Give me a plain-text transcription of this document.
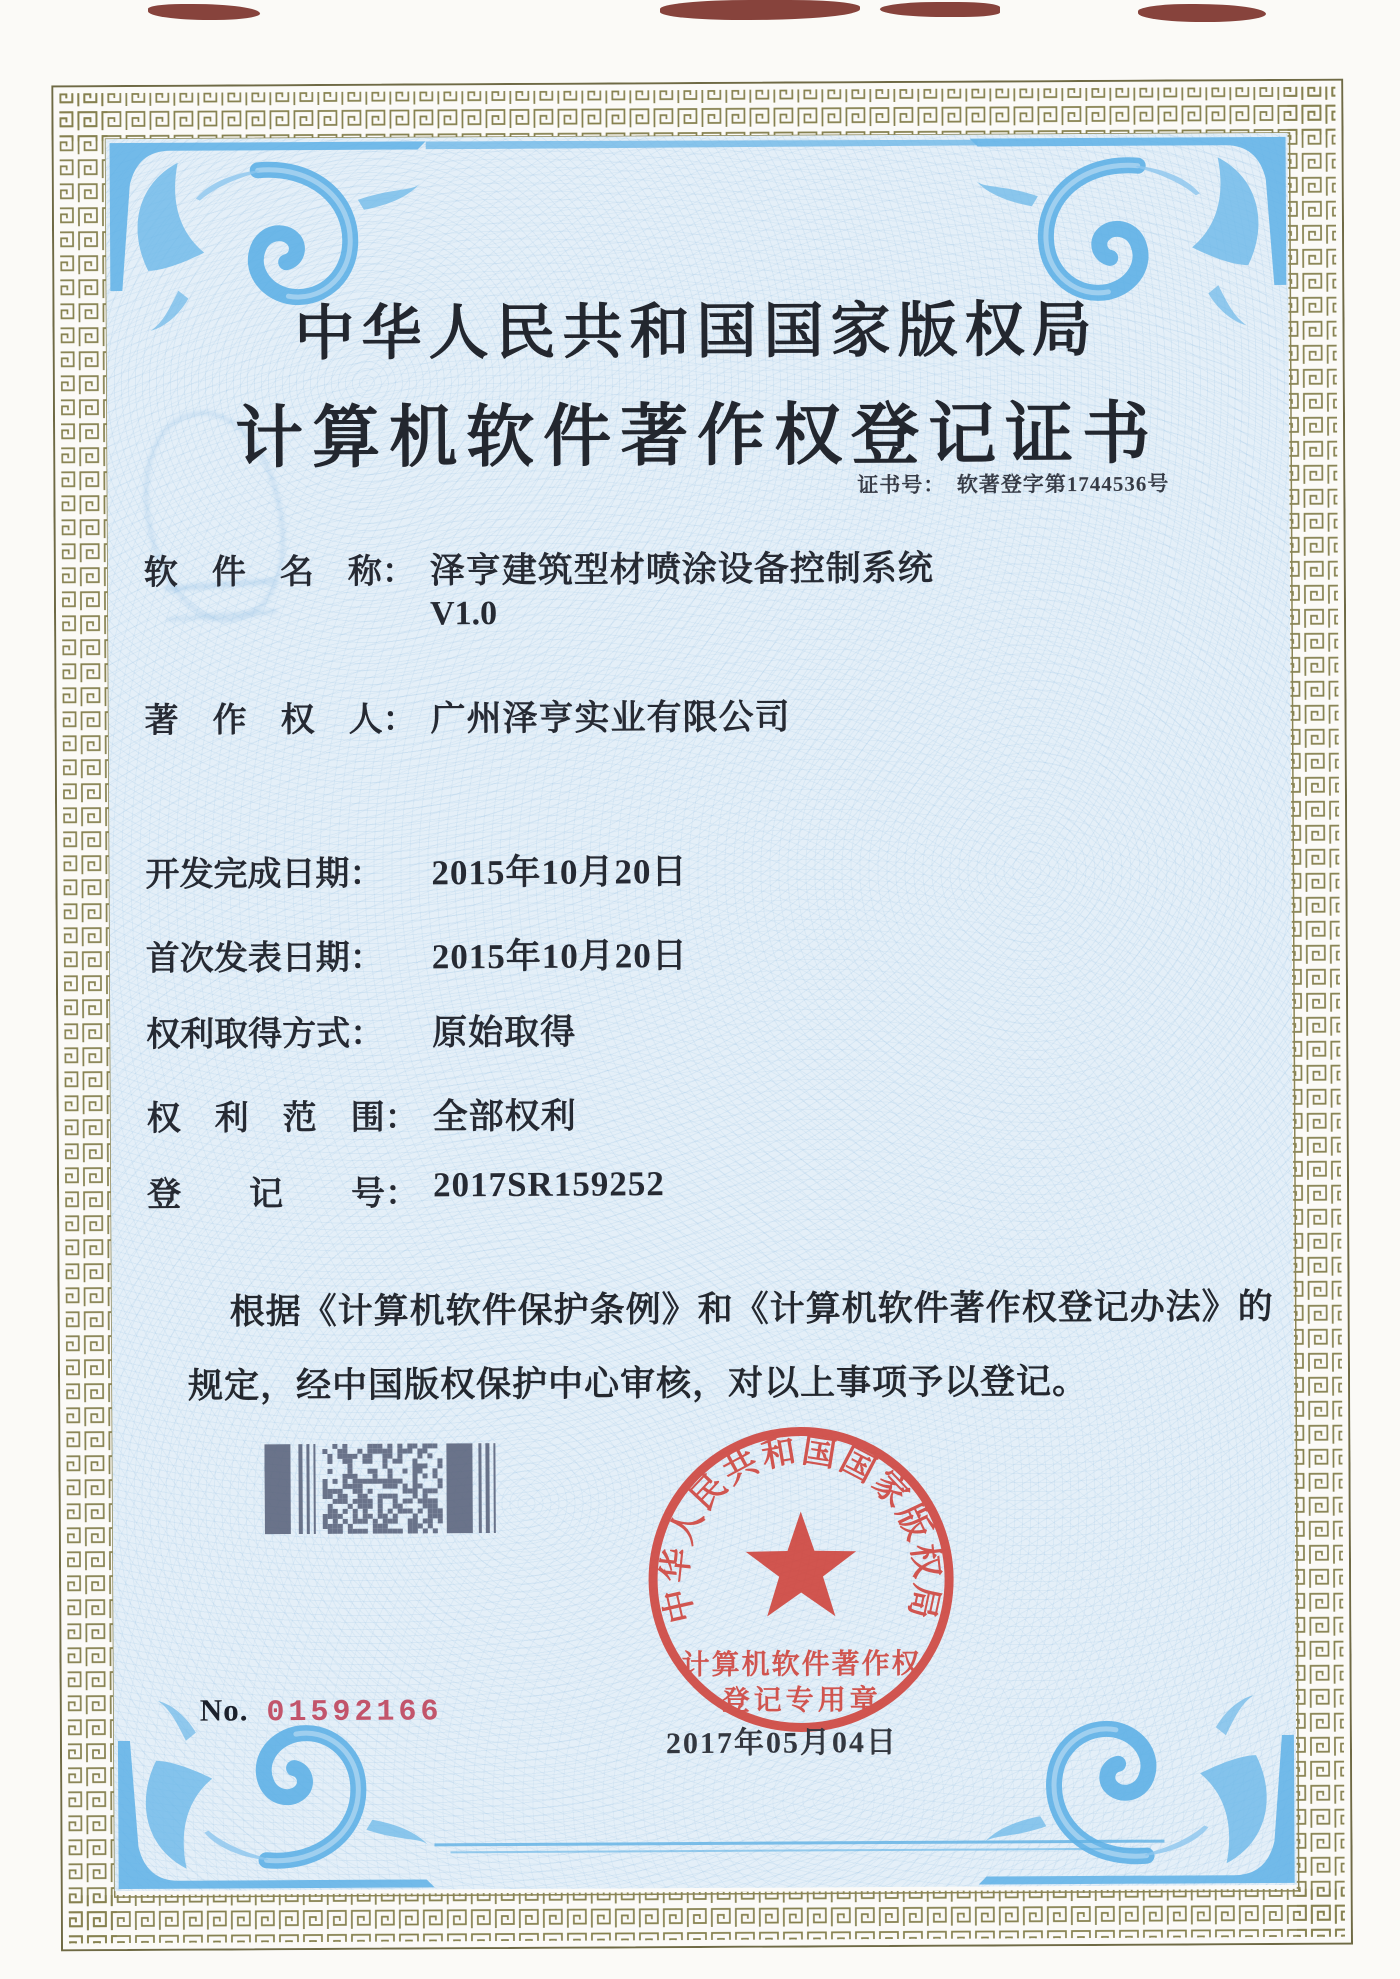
中华人民共和国国家版权局
计算机软件著作权登记证书
证书号：　软著登字第1744536号
软　件　名　称： 泽亨建筑型材喷涂设备控制系统
V1.0
著　作　权　人： 广州泽亨实业有限公司
开发完成日期： 2015年10月20日
首次发表日期： 2015年10月20日
权利取得方式： 原始取得
权　利　范　围： 全部权利
登　　记　　号： 2017SR159252
根据《计算机软件保护条例》和《计算机软件著作权登记办法》的
规定，经中国版权保护中心审核，对以上事项予以登记。
中华人民共和国国家版权局
计算机软件著作权
登记专用章
2017年05月04日
No. 01592166
